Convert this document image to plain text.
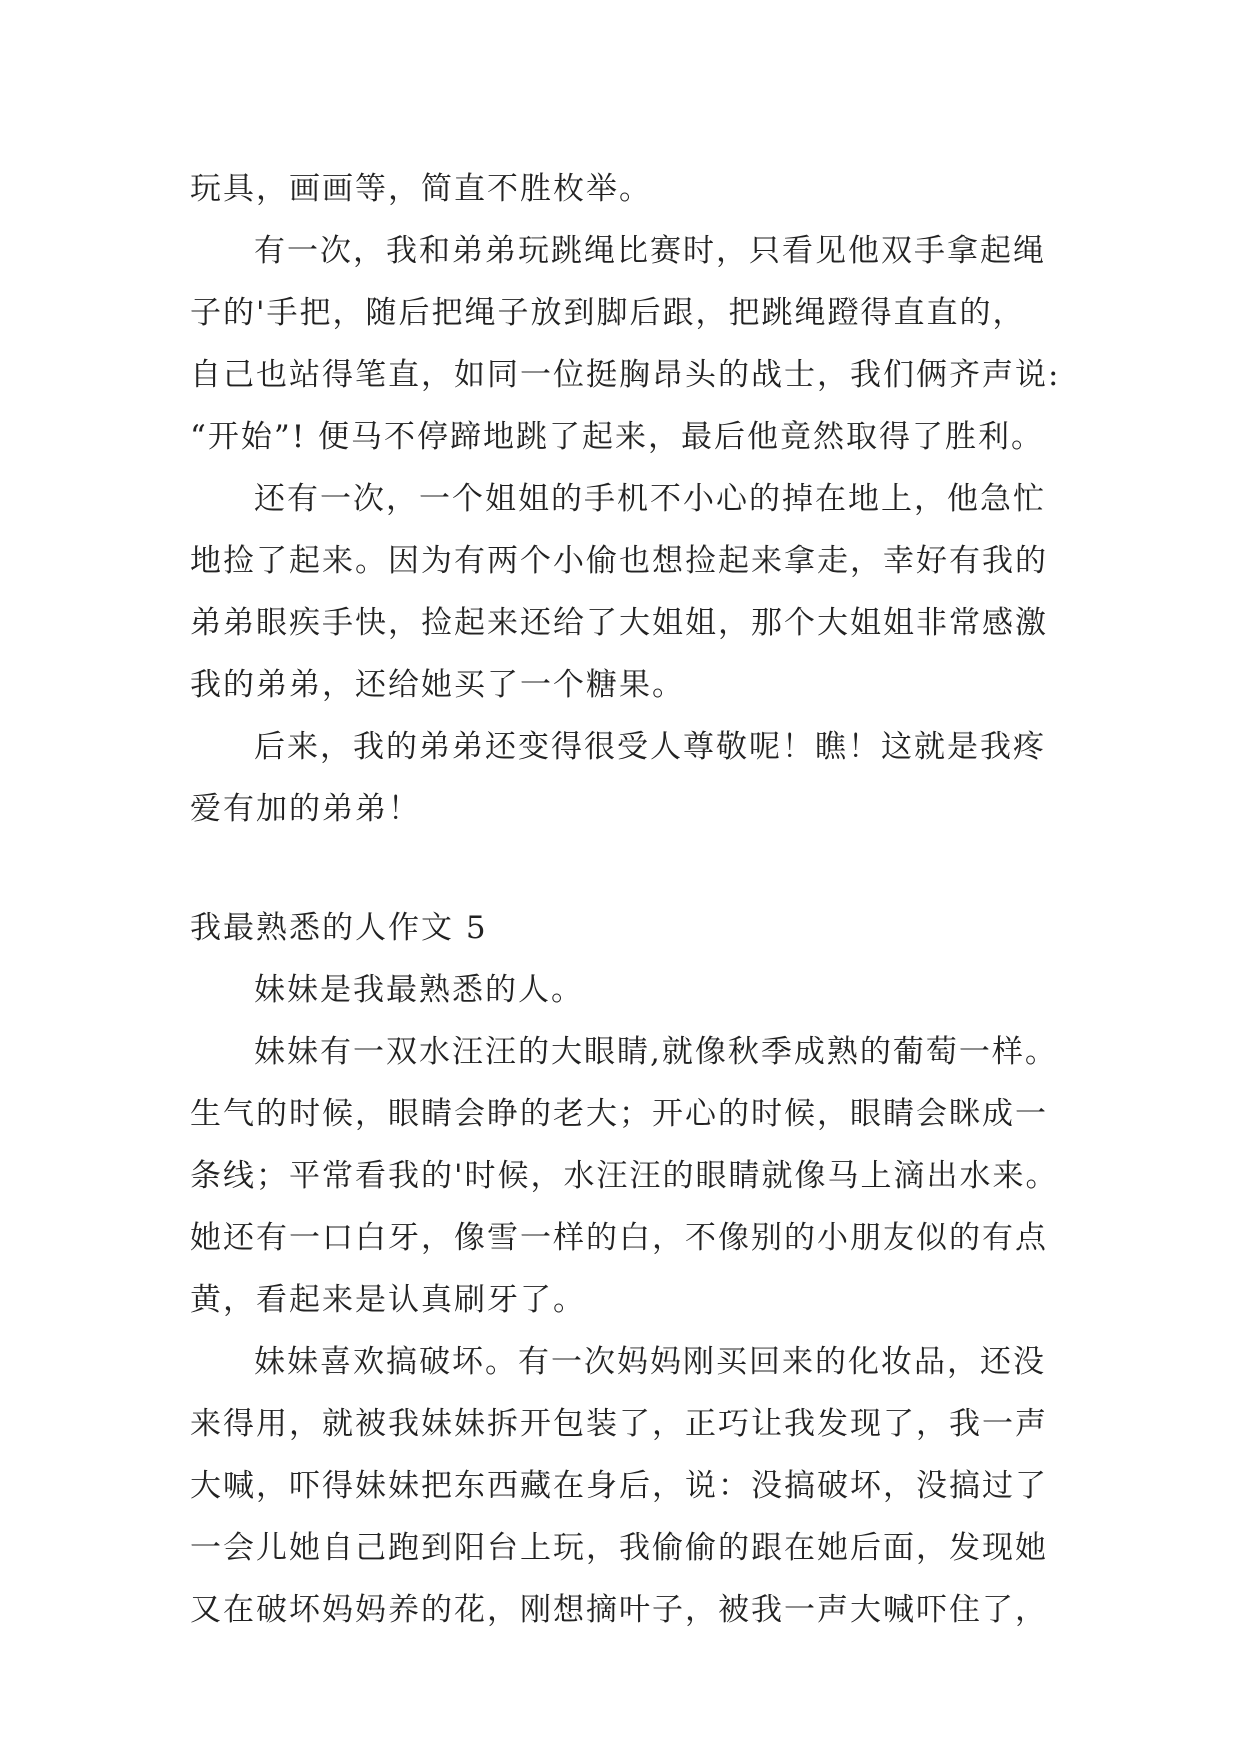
玩具，画画等，简直不胜枚举。
有一次，我和弟弟玩跳绳比赛时，只看见他双手拿起绳
子的'手把，随后把绳子放到脚后跟，把跳绳蹬得直直的，
自己也站得笔直，如同一位挺胸昂头的战士，我们俩齐声说:
“开始”! 便马不停蹄地跳了起来，最后他竟然取得了胜利。
还有一次，一个姐姐的手机不小心的掉在地上，他急忙
地捡了起来。因为有两个小偷也想捡起来拿走，幸好有我的
弟弟眼疾手快，捡起来还给了大姐姐，那个大姐姐非常感激
我的弟弟，还给她买了一个糖果。
后来，我的弟弟还变得很受人尊敬呢！瞧！这就是我疼
爱有加的弟弟！
我最熟悉的人作文 5
妹妹是我最熟悉的人。
妹妹有一双水汪汪的大眼睛,就像秋季成熟的葡萄一样。
生气的时候，眼睛会睁的老大；开心的时候，眼睛会眯成一
条线；平常看我的'时候，水汪汪的眼睛就像马上滴出水来。
她还有一口白牙，像雪一样的白，不像别的小朋友似的有点
黄，看起来是认真刷牙了。
妹妹喜欢搞破坏。有一次妈妈刚买回来的化妆品，还没
来得用，就被我妹妹拆开包装了，正巧让我发现了，我一声
大喊，吓得妹妹把东西藏在身后，说：没搞破坏，没搞过了
一会儿她自己跑到阳台上玩，我偷偷的跟在她后面，发现她
又在破坏妈妈养的花，刚想摘叶子，被我一声大喊吓住了，
